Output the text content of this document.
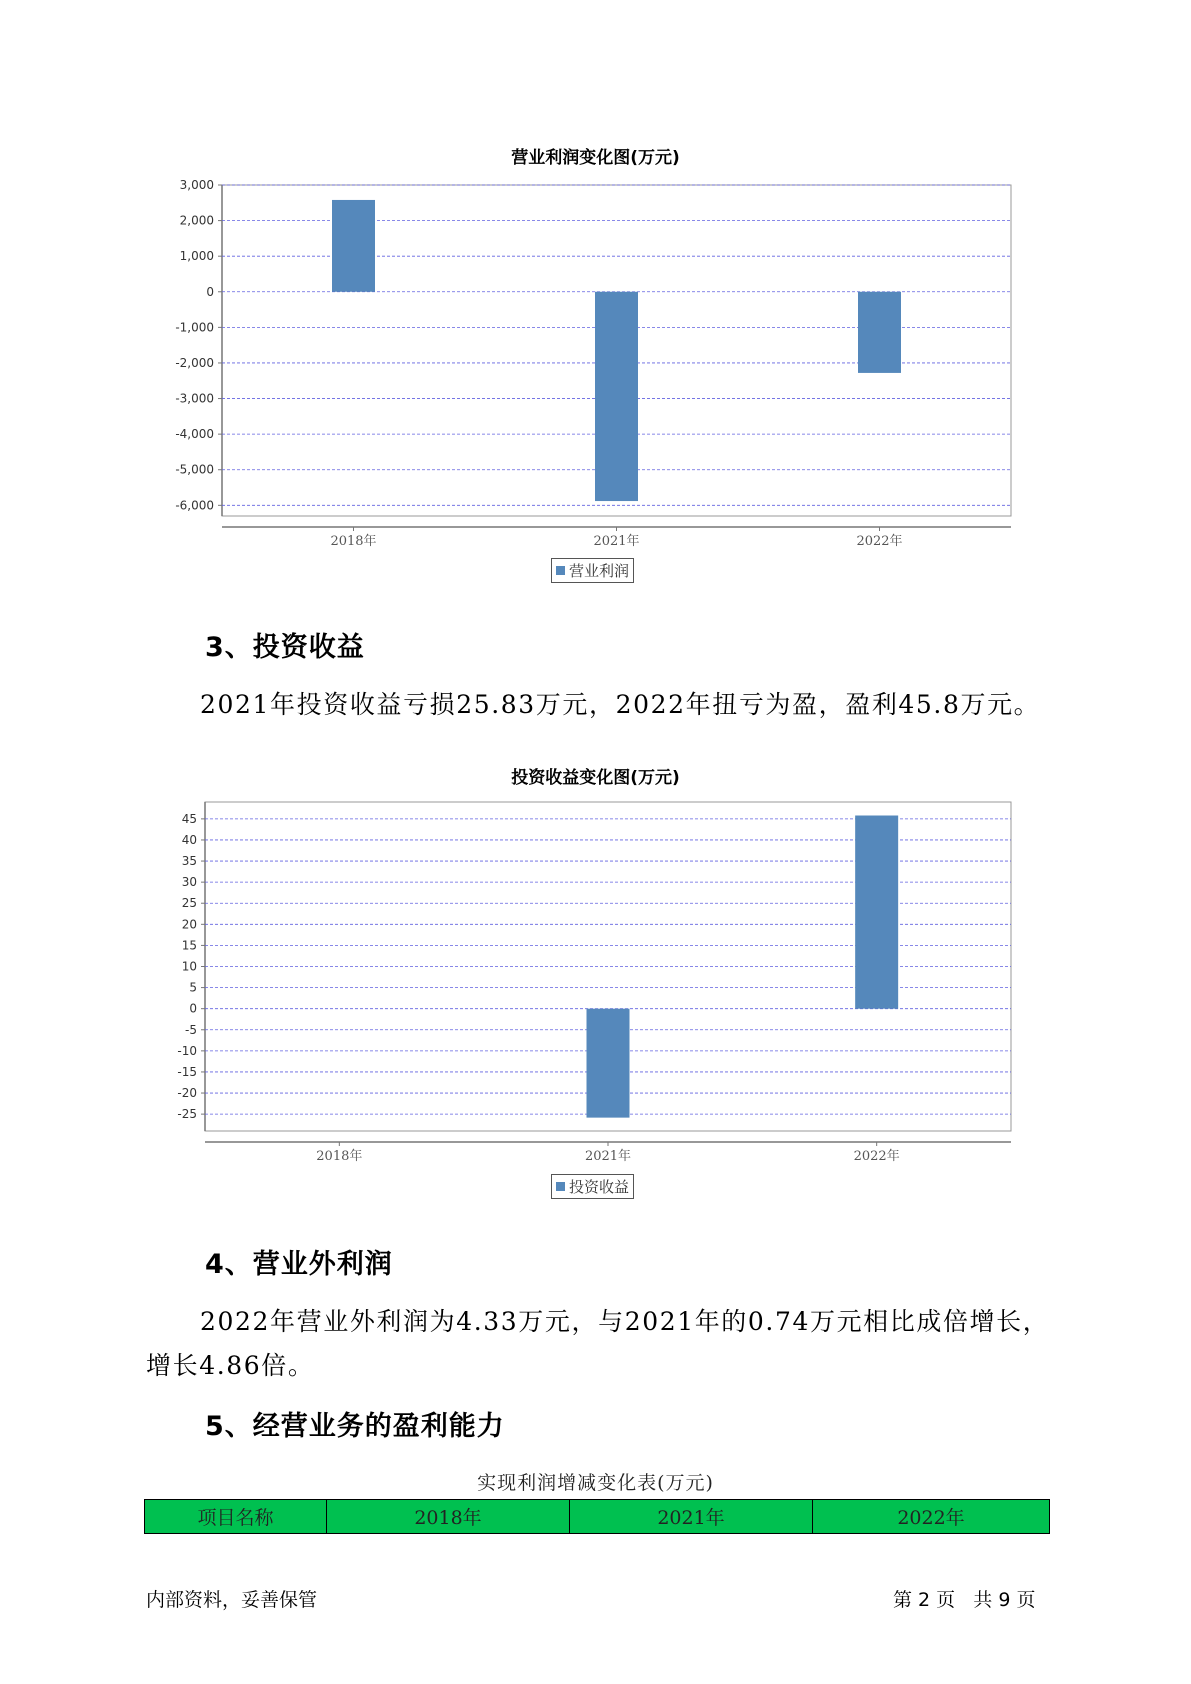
营业利润变化图(万元)
3,000
2,000
1,000
0
-1,000
-2,000
-3,000
-4,000
-5,000
-6,000
2018年	2021年	2022年
营业利润
3、投资收益

2021年投资收益亏损25.83万元，2022年扭亏为盈，盈利45.8万元。

投资收益变化图(万元)
45
40
35
30
25
20
15
10
5
0
-5
-10
-15
-20
-25
2018年	2021年	2022年
投资收益
4、营业外利润

2022年营业外利润为4.33万元，与2021年的0.74万元相比成倍增长，

增长4.86倍。

5、经营业务的盈利能力
实现利润增减变化表(万元)
项目名称	2018年	2021年	2022年
内部资料，妥善保管	第 2 页   共 9 页
